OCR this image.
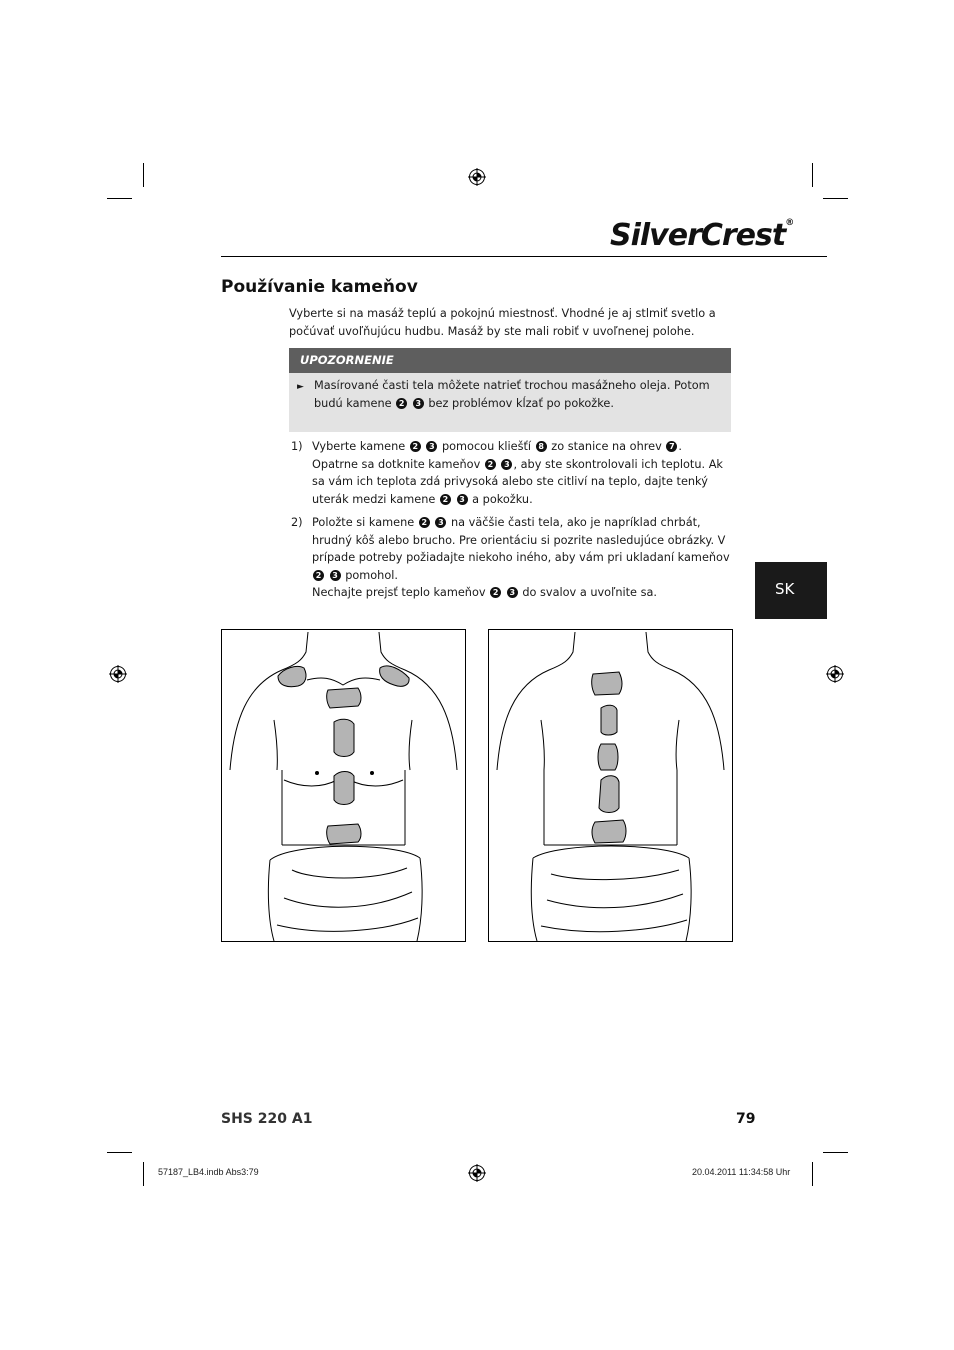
SilverCrest®
Používanie kameňov
Vyberte si na masáž teplú a pokojnú miestnosť. Vhodné je aj stlmiť svetlo a počúvať uvoľňujúcu hudbu. Masáž by ste mali robiť v uvoľnenej polohe.
UPOZORNENIE
► Masírované časti tela môžete natrieť trochou masážneho oleja. Potom
budú kamene 2 3 bez problémov kĺzať po pokožke.
1) Vyberte kamene 2 3 pomocou kliešťí 8 zo stanice na ohrev 7 . Opatrne sa dotknite kameňov 2 3 , aby ste skontrolovali ich teplotu. Ak sa vám ich teplota zdá privysoká alebo ste citliví na teplo, dajte tenký uterák medzi kamene 2 3 a pokožku.
2) Položte si kamene 2 3 na väčšie časti tela, ako je napríklad chrbát, hrudný kôš alebo brucho. Pre orientáciu si pozrite nasledujúce obrázky. V prípade potreby požiadajte niekoho iného, aby vám pri ukladaní kameňov 2 3 pomohol.
Nechajte prejsť teplo kameňov 2 3 do svalov a uvoľnite sa.	SK
SHS 220 A1	79
57187_LB4.indb Abs3:79	20.04.2011 11:34:58 Uhr
